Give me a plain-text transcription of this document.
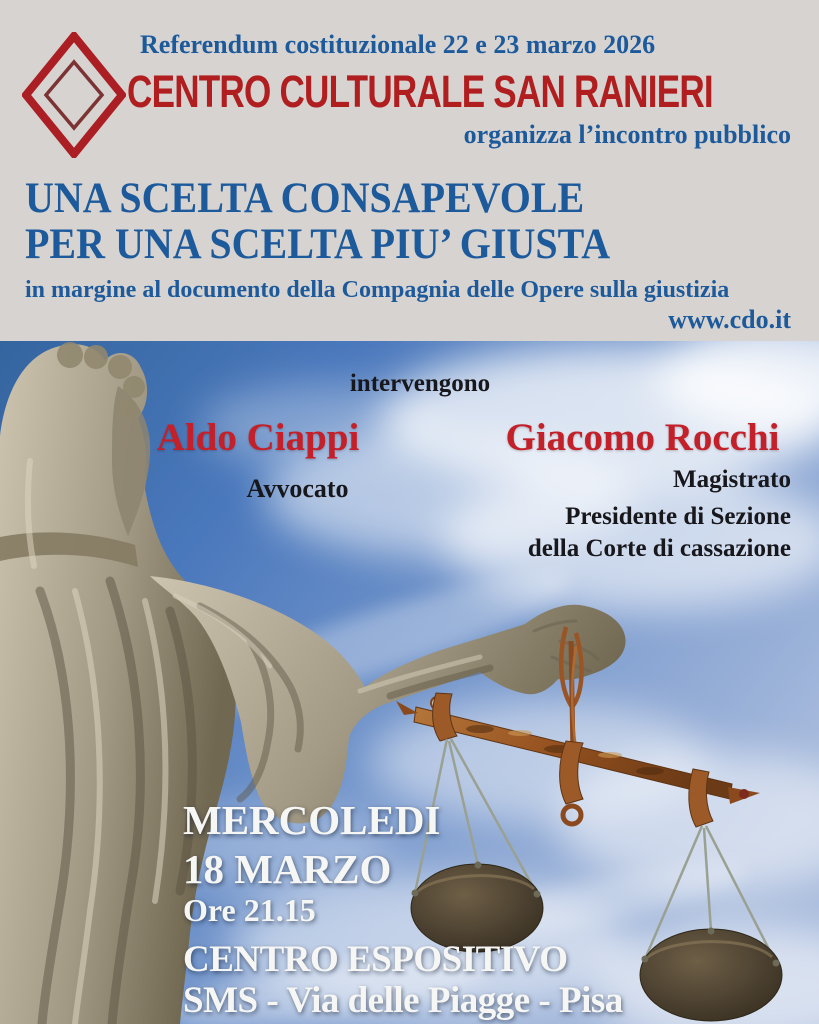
Referendum costituzionale 22 e 23 marzo 2026
CENTRO CULTURALE SAN RANIERI
organizza l’incontro pubblico
UNA SCELTA CONSAPEVOLE
PER UNA SCELTA PIU’ GIUSTA
in margine al documento della Compagnia delle Opere sulla giustizia
www.cdo.it
intervengono
Aldo Ciappi
Avvocato
Giacomo Rocchi
Magistrato
Presidente di Sezione
della Corte di cassazione
MERCOLEDI
18 MARZO
Ore 21.15
CENTRO ESPOSITIVO
SMS - Via delle Piagge - Pisa
